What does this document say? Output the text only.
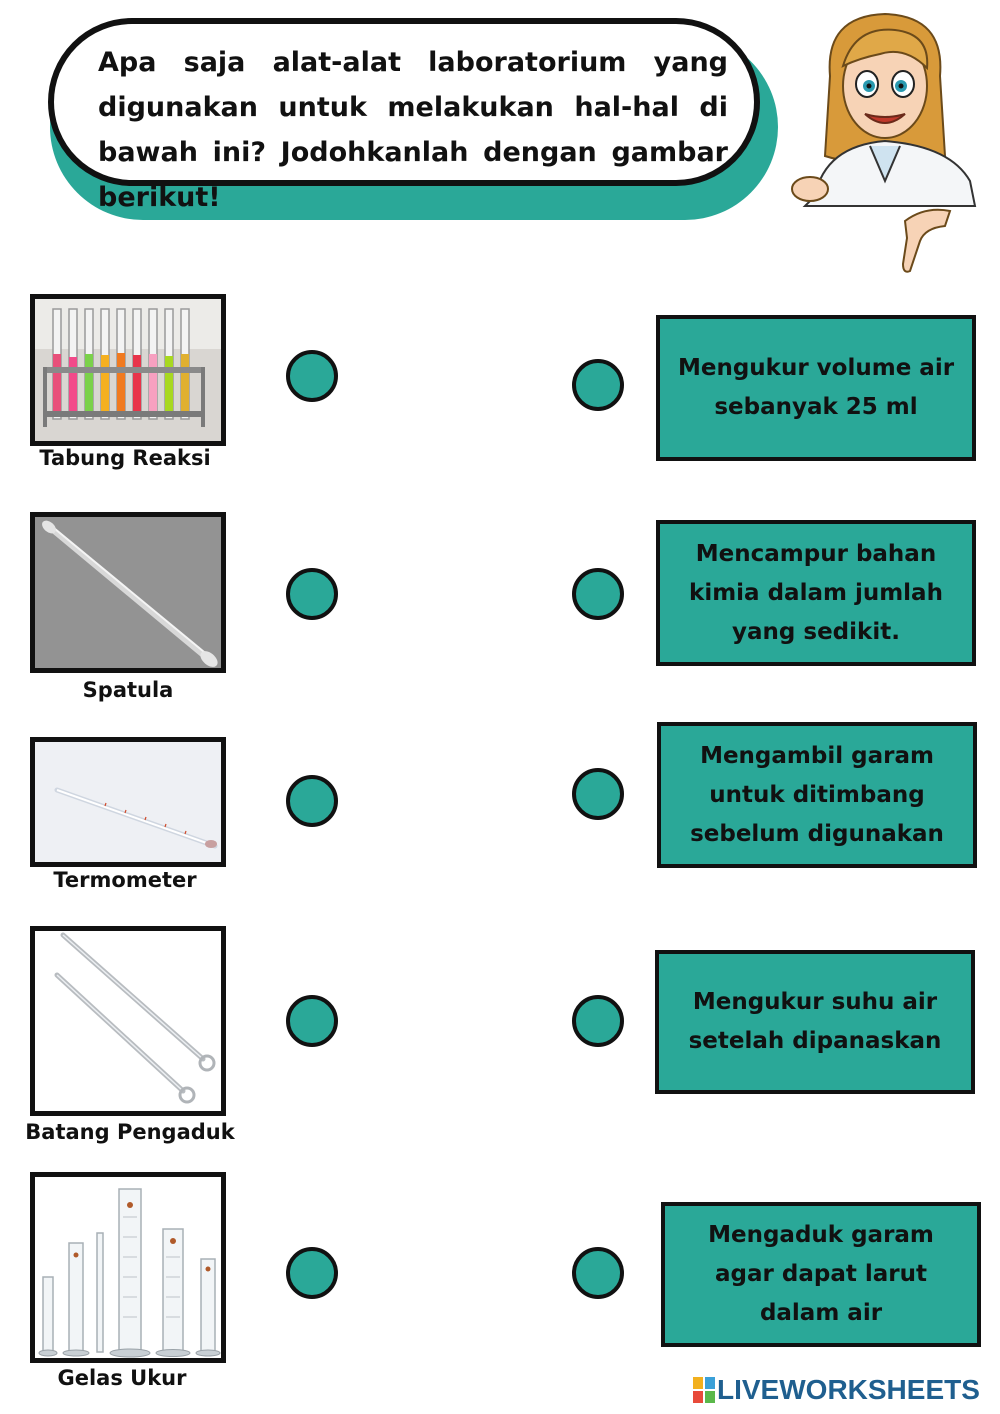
Apa saja alat-alat laboratorium yang digunakan untuk melakukan hal-hal di bawah ini? Jodohkanlah dengan gambar berikut!
Tabung Reaksi
Spatula
Termometer
Batang Pengaduk
Gelas Ukur
Mengukur volume air sebanyak 25 ml
Mencampur bahan kimia dalam jumlah yang sedikit.
Mengambil garam untuk ditimbang sebelum digunakan
Mengukur suhu air setelah dipanaskan
Mengaduk garam agar dapat larut dalam air
LIVEWORKSHEETS
